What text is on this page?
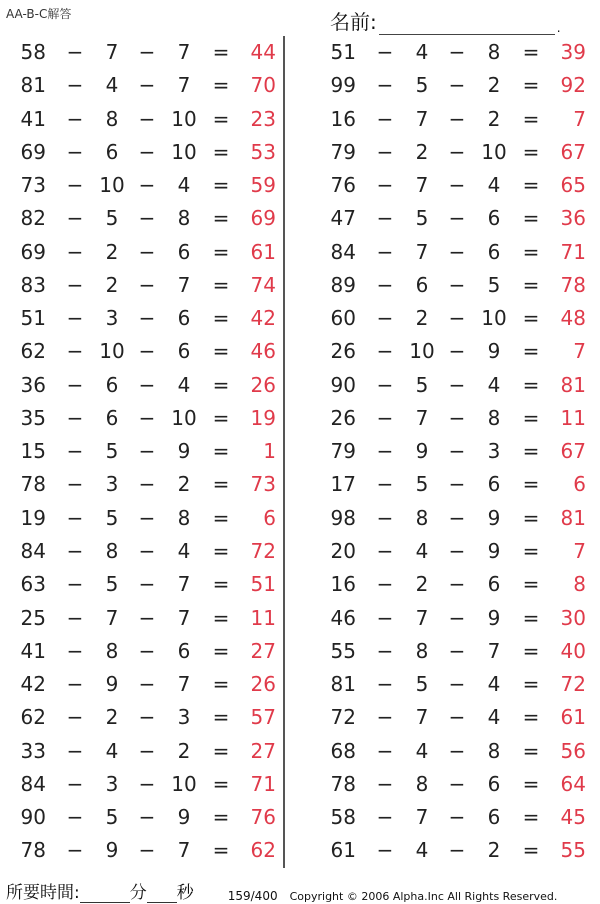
AA-B-C解答	名前:	.
58 −	7	−	7	=	44
81 −	4	−	7	=	70
41 −	8	− 10 =	23
69 −	6	− 10 =	53
73 − 10 −	4	=	59
82 −	5	−	8	=	69
69 −	2	−	6	=	61
83 −	2	−	7	=	74
51 −	3	−	6	=	42
62 − 10 −	6	=	46
36 −	6	−	4	=	26
35 −	6	− 10 =	19
15 −	5	−	9	=	1
78 −	3	−	2	=	73
19 −	5	−	8	=	6
84 −	8	−	4	=	72
63 −	5	−	7	=	51
25 −	7	−	7	=	11
41 −	8	−	6	=	27
42 −	9	−	7	=	26
62 −	2	−	3	=	57
33 −	4	−	2	=	27
84 −	3	− 10 =	71
90 −	5	−	9	=	76
78 −	9	−	7	=	62
51 −	4	−	8	=	39
99 −	5	−	2	=	92
16 −	7	−	2	=	7
79 −	2	− 10 =	67
76 −	7	−	4	=	65
47 −	5	−	6	=	36
84 −	7	−	6	=	71
89 −	6	−	5	=	78
60 −	2	− 10 =	48
26 − 10 −	9	=	7
90 −	5	−	4	=	81
26 −	7	−	8	=	11
79 −	9	−	3	=	67
17 −	5	−	6	=	6
98 −	8	−	9	=	81
20 −	4	−	9	=	7
16 −	2	−	6	=	8
46 −	7	−	9	=	30
55 −	8	−	7	=	40
81 −	5	−	4	=	72
72 −	7	−	4	=	61
68 −	4	−	8	=	56
78 −	8	−	6	=	64
58 −	7	−	6	=	45
61 −	4	−	2	=	55
所要時間:	分 秒	159/400 Copyright © 2006 Alpha.Inc All Rights Reserved.
